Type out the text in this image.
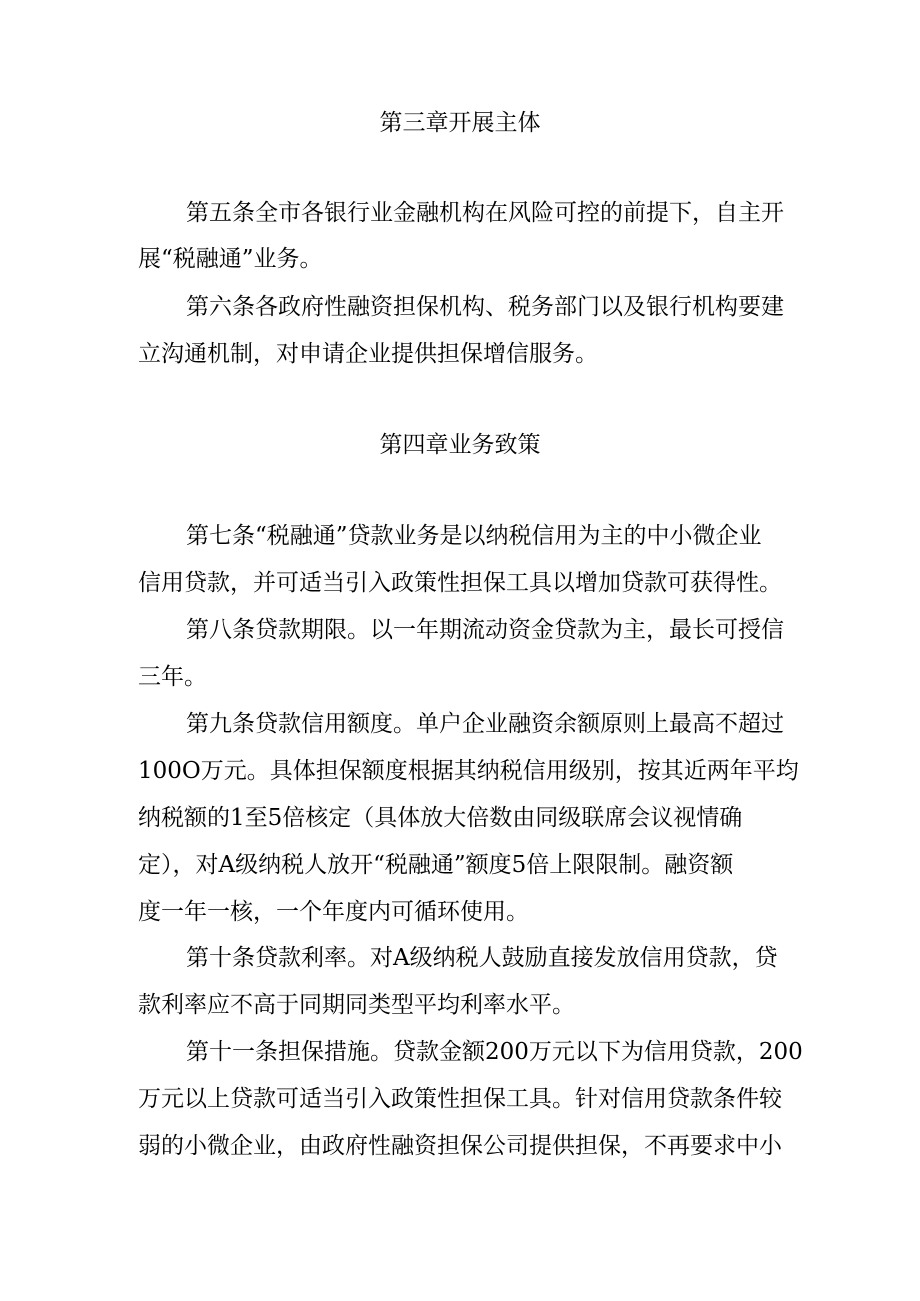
第三章开展主体
第五条全市各银行业金融机构在风险可控的前提下，自主开
展“税融通”业务。
第六条各政府性融资担保机构、税务部门以及银行机构要建
立沟通机制，对申请企业提供担保增信服务。
第四章业务致策
第七条“税融通”贷款业务是以纳税信用为主的中小微企业
信用贷款，并可适当引入政策性担保工具以增加贷款可获得性。
第八条贷款期限。以一年期流动资金贷款为主，最长可授信
三年。
第九条贷款信用额度。单户企业融资余额原则上最高不超过
100O万元。具体担保额度根据其纳税信用级别，按其近两年平均
纳税额的1至5倍核定（具体放大倍数由同级联席会议视情确
定），对A级纳税人放开“税融通”额度5倍上限限制。融资额
度一年一核，一个年度内可循环使用。
第十条贷款利率。对A级纳税人鼓励直接发放信用贷款，贷
款利率应不高于同期同类型平均利率水平。
第十一条担保措施。贷款金额200万元以下为信用贷款，200
万元以上贷款可适当引入政策性担保工具。针对信用贷款条件较
弱的小微企业，由政府性融资担保公司提供担保，不再要求中小
